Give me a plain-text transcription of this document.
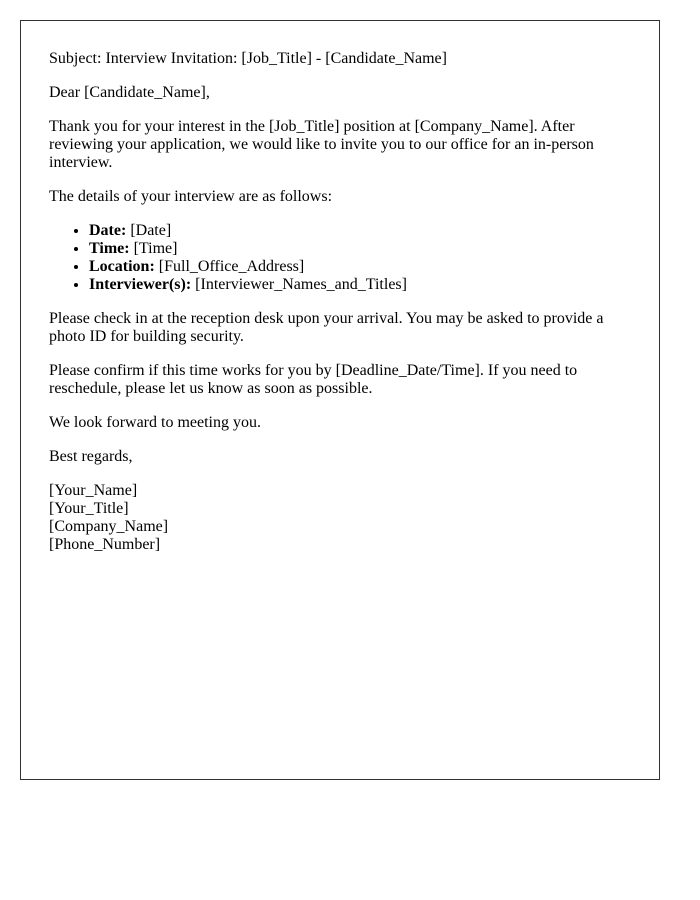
Subject: Interview Invitation: [Job_Title] - [Candidate_Name]

Dear [Candidate_Name],

Thank you for your interest in the [Job_Title] position at [Company_Name]. After reviewing your application, we would like to invite you to our office for an in-person interview.

The details of your interview are as follows:

• Date: [Date]
• Time: [Time]
• Location: [Full_Office_Address]
• Interviewer(s): [Interviewer_Names_and_Titles]

Please check in at the reception desk upon your arrival. You may be asked to provide a photo ID for building security.

Please confirm if this time works for you by [Deadline_Date/Time]. If you need to reschedule, please let us know as soon as possible.

We look forward to meeting you.

Best regards,

[Your_Name]
[Your_Title]
[Company_Name]
[Phone_Number]
